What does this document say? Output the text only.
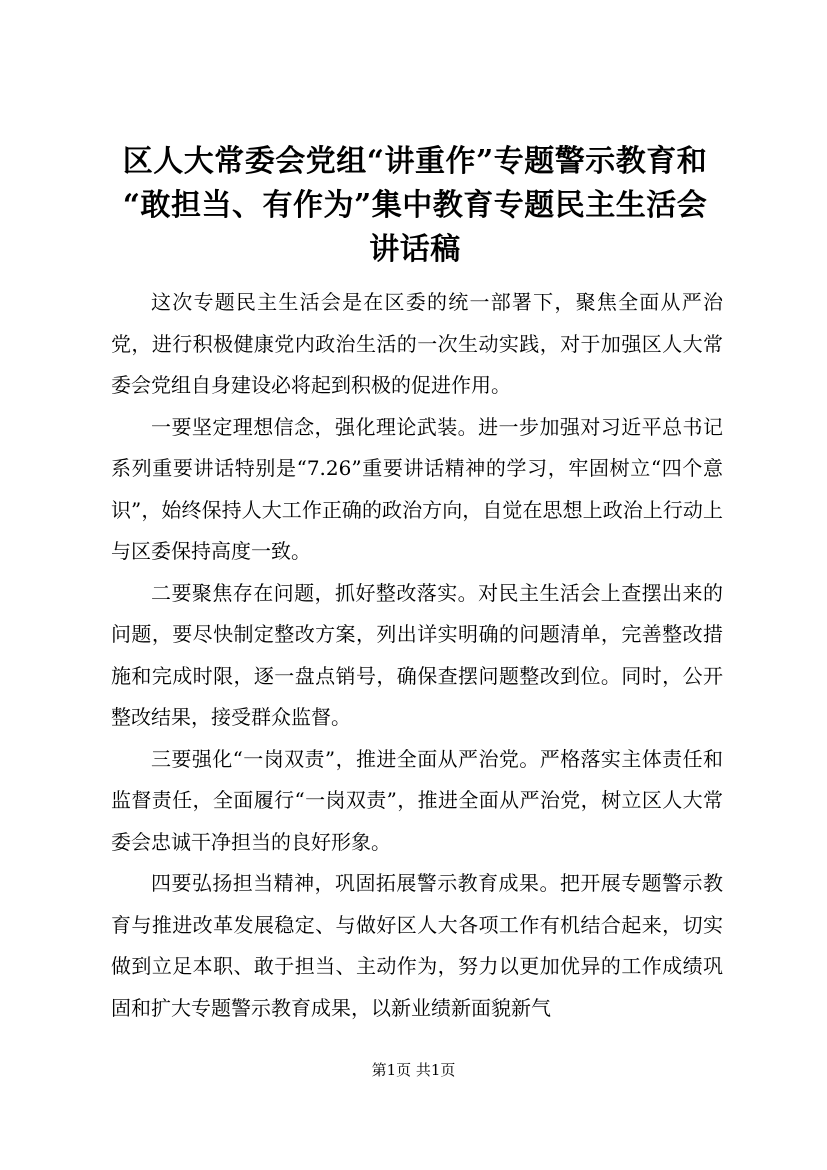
区人大常委会党组“讲重作”专题警示教育和
“敢担当、有作为”集中教育专题民主生活会
讲话稿

这次专题民主生活会是在区委的统一部署下，聚焦全面从严治党，进行积极健康党内政治生活的一次生动实践，对于加强区人大常委会党组自身建设必将起到积极的促进作用。

一要坚定理想信念，强化理论武装。进一步加强对习近平总书记系列重要讲话特别是“7.26”重要讲话精神的学习，牢固树立“四个意识”，始终保持人大工作正确的政治方向，自觉在思想上政治上行动上与区委保持高度一致。

二要聚焦存在问题，抓好整改落实。对民主生活会上查摆出来的问题，要尽快制定整改方案，列出详实明确的问题清单，完善整改措施和完成时限，逐一盘点销号，确保查摆问题整改到位。同时，公开整改结果，接受群众监督。

三要强化“一岗双责”，推进全面从严治党。严格落实主体责任和监督责任，全面履行“一岗双责”，推进全面从严治党，树立区人大常委会忠诚干净担当的良好形象。

四要弘扬担当精神，巩固拓展警示教育成果。把开展专题警示教育与推进改革发展稳定、与做好区人大各项工作有机结合起来，切实做到立足本职、敢于担当、主动作为，努力以更加优异的工作成绩巩固和扩大专题警示教育成果，以新业绩新面貌新气

第1页 共1页
